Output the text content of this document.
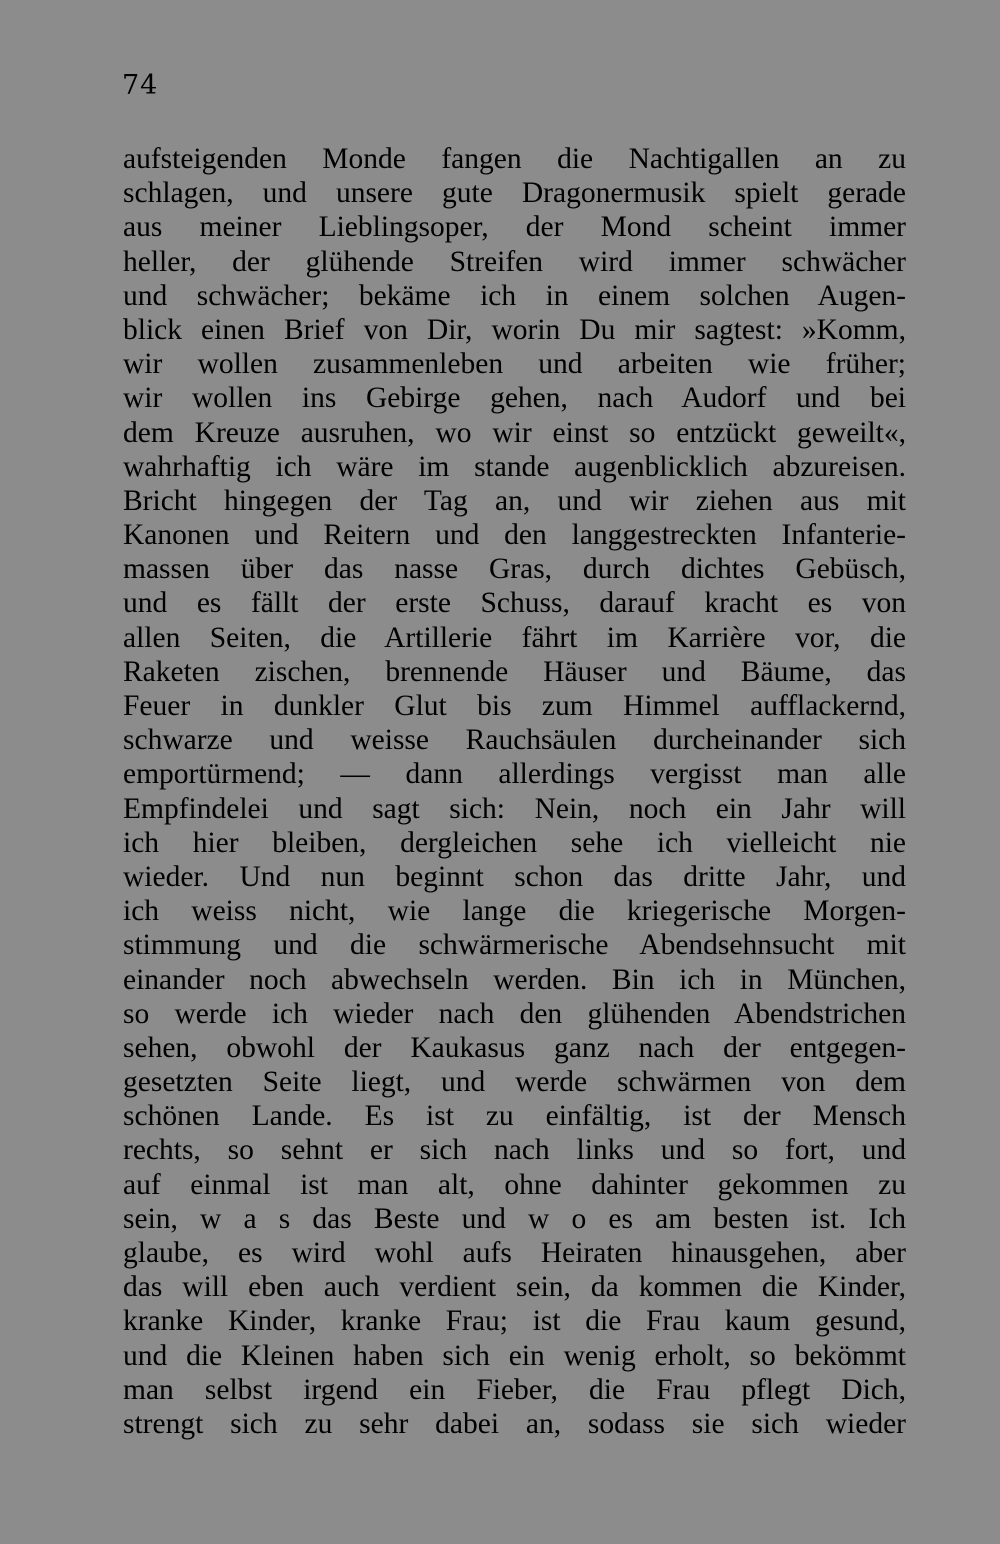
74
aufsteigenden Monde fangen die Nachtigallen an zu
schlagen, und unsere gute Dragonermusik spielt gerade
aus meiner Lieblingsoper, der Mond scheint immer
heller, der glühende Streifen wird immer schwächer
und schwächer; bekäme ich in einem solchen Augen-
blick einen Brief von Dir, worin Du mir sagtest: »Komm,
wir wollen zusammenleben und arbeiten wie früher;
wir wollen ins Gebirge gehen, nach Audorf und bei
dem Kreuze ausruhen, wo wir einst so entzückt geweilt«,
wahrhaftig ich wäre im stande augenblicklich abzureisen.
Bricht hingegen der Tag an, und wir ziehen aus mit
Kanonen und Reitern und den langgestreckten Infanterie-
massen über das nasse Gras, durch dichtes Gebüsch,
und es fällt der erste Schuss, darauf kracht es von
allen Seiten, die Artillerie fährt im Karrière vor, die
Raketen zischen, brennende Häuser und Bäume, das
Feuer in dunkler Glut bis zum Himmel aufflackernd,
schwarze und weisse Rauchsäulen durcheinander sich
emportürmend; — dann allerdings vergisst man alle
Empfindelei und sagt sich: Nein, noch ein Jahr will
ich hier bleiben, dergleichen sehe ich vielleicht nie
wieder. Und nun beginnt schon das dritte Jahr, und
ich weiss nicht, wie lange die kriegerische Morgen-
stimmung und die schwärmerische Abendsehnsucht mit
einander noch abwechseln werden. Bin ich in München,
so werde ich wieder nach den glühenden Abendstrichen
sehen, obwohl der Kaukasus ganz nach der entgegen-
gesetzten Seite liegt, und werde schwärmen von dem
schönen Lande. Es ist zu einfältig, ist der Mensch
rechts, so sehnt er sich nach links und so fort, und
auf einmal ist man alt, ohne dahinter gekommen zu
sein, w a s das Beste und w o es am besten ist. Ich
glaube, es wird wohl aufs Heiraten hinausgehen, aber
das will eben auch verdient sein, da kommen die Kinder,
kranke Kinder, kranke Frau; ist die Frau kaum gesund,
und die Kleinen haben sich ein wenig erholt, so bekömmt
man selbst irgend ein Fieber, die Frau pflegt Dich,
strengt sich zu sehr dabei an, sodass sie sich wieder
